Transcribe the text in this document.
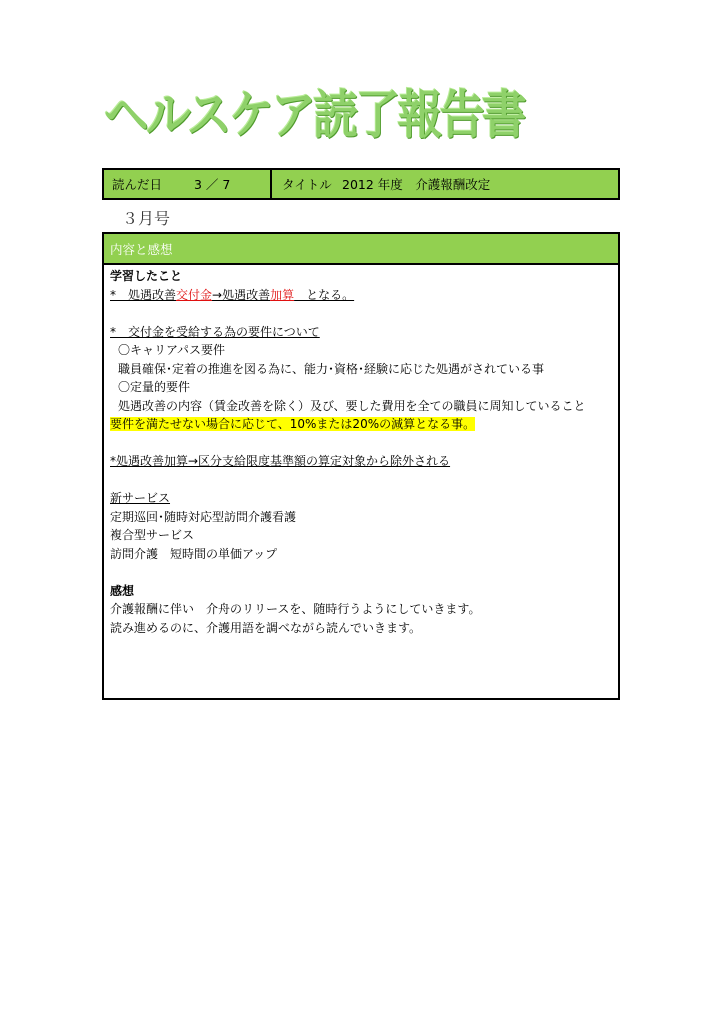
ヘルスケア読了報告書
読んだ日	3 ／ 7	タイトル 2012 年度　介護報酬改定
３月号
内容と感想
学習したこと
*　処遇改善交付金→処遇改善加算　となる。
*　交付金を受給する為の要件について
〇キャリアパス要件
職員確保･定着の推進を図る為に、能力･資格･経験に応じた処遇がされている事
〇定量的要件
処遇改善の内容（賃金改善を除く）及び、要した費用を全ての職員に周知していること
要件を満たせない場合に応じて、10%または20%の減算となる事。
*処遇改善加算→区分支給限度基準額の算定対象から除外される
新サービス
定期巡回･随時対応型訪問介護看護
複合型サービス
訪問介護　短時間の単価アップ
感想
介護報酬に伴い　介舟のリリースを、随時行うようにしていきます。
読み進めるのに、介護用語を調べながら読んでいきます。
